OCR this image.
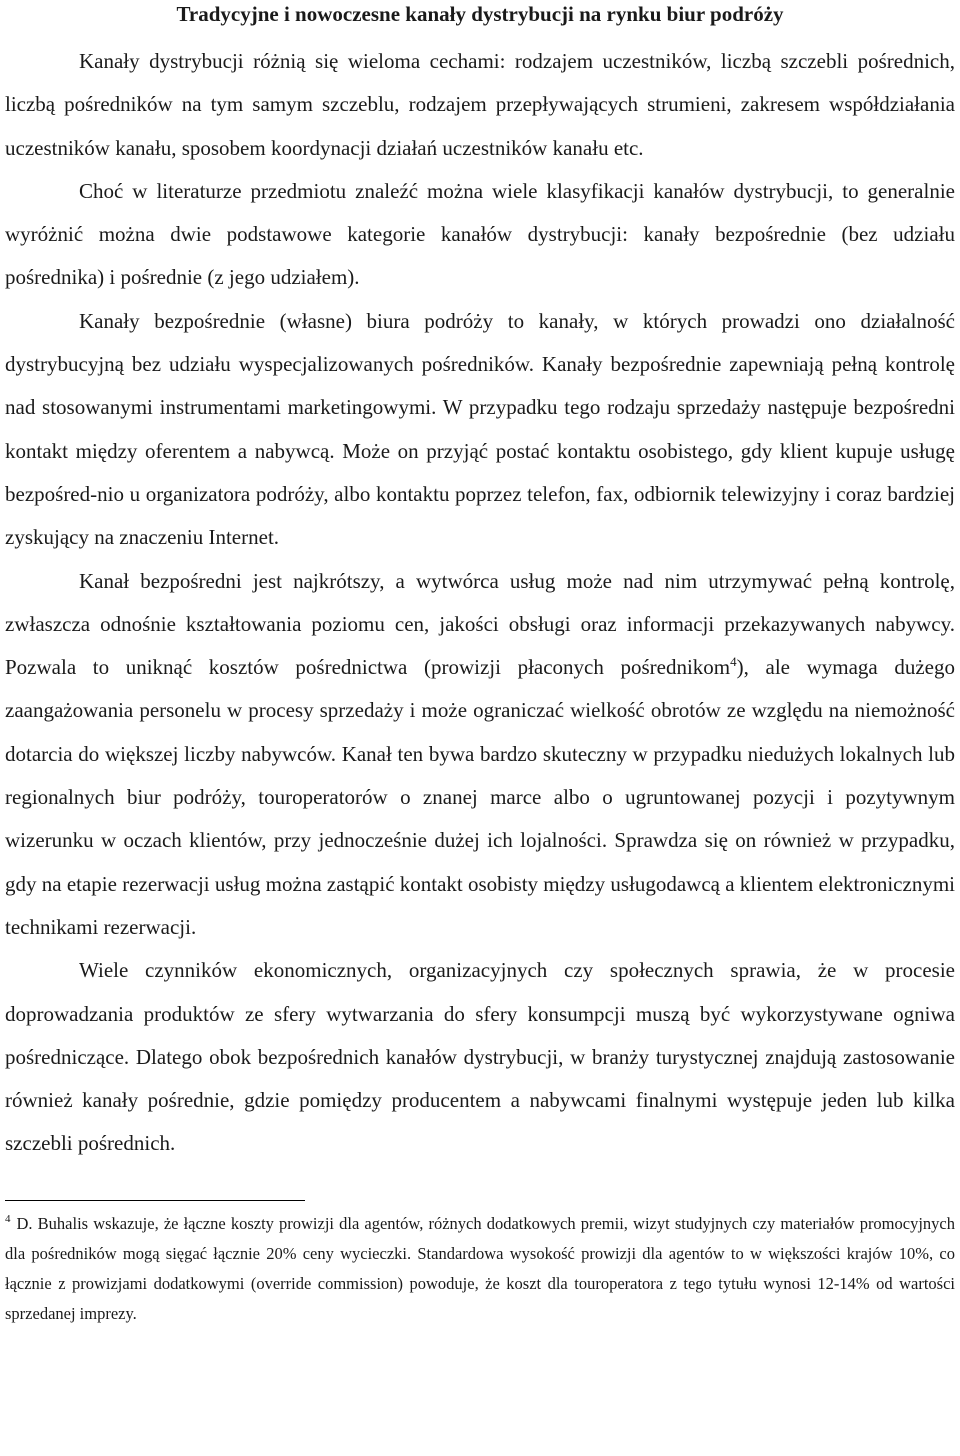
Tradycyjne i nowoczesne kanały dystrybucji na rynku biur podróży

Kanały dystrybucji różnią się wieloma cechami: rodzajem uczestników, liczbą szczebli pośrednich, liczbą pośredników na tym samym szczeblu, rodzajem przepływających strumieni, zakresem współdziałania uczestników kanału, sposobem koordynacji działań uczestników kanału etc.

Choć w literaturze przedmiotu znaleźć można wiele klasyfikacji kanałów dystrybucji, to generalnie wyróżnić można dwie podstawowe kategorie kanałów dystrybucji: kanały bezpośrednie (bez udziału pośrednika) i pośrednie (z jego udziałem).

Kanały bezpośrednie (własne) biura podróży to kanały, w których prowadzi ono działalność dystrybucyjną bez udziału wyspecjalizowanych pośredników. Kanały bezpośrednie zapewniają pełną kontrolę nad stosowanymi instrumentami marketingowymi. W przypadku tego rodzaju sprzedaży następuje bezpośredni kontakt między oferentem a nabywcą. Może on przyjąć postać kontaktu osobistego, gdy klient kupuje usługę bezpośred-nio u organizatora podróży, albo kontaktu poprzez telefon, fax, odbiornik telewizyjny i coraz bardziej zyskujący na znaczeniu Internet.

Kanał bezpośredni jest najkrótszy, a wytwórca usług może nad nim utrzymywać pełną kontrolę, zwłaszcza odnośnie kształtowania poziomu cen, jakości obsługi oraz informacji przekazywanych nabywcy. Pozwala to uniknąć kosztów pośrednictwa (prowizji płaconych pośrednikom$^4$), ale wymaga dużego zaangażowania personelu w procesy sprzedaży i może ograniczać wielkość obrotów ze względu na niemożność dotarcia do większej liczby nabywców. Kanał ten bywa bardzo skuteczny w przypadku niedużych lokalnych lub regionalnych biur podróży, touroperatorów o znanej marce albo o ugruntowanej pozycji i pozytywnym wizerunku w oczach klientów, przy jednocześnie dużej ich lojalności. Sprawdza się on również w przypadku, gdy na etapie rezerwacji usług można zastąpić kontakt osobisty między usługodawcą a klientem elektronicznymi technikami rezerwacji.

Wiele czynników ekonomicznych, organizacyjnych czy społecznych sprawia, że w procesie doprowadzania produktów ze sfery wytwarzania do sfery konsumpcji muszą być wykorzystywane ogniwa pośredniczące. Dlatego obok bezpośrednich kanałów dystrybucji, w branży turystycznej znajdują zastosowanie również kanały pośrednie, gdzie pomiędzy producentem a nabywcami finalnymi występuje jeden lub kilka szczebli pośrednich.

$^4$ D. Buhalis wskazuje, że łączne koszty prowizji dla agentów, różnych dodatkowych premii, wizyt studyjnych czy materiałów promocyjnych dla pośredników mogą sięgać łącznie 20% ceny wycieczki. Standardowa wysokość prowizji dla agentów to w większości krajów 10%, co łącznie z prowizjami dodatkowymi (override commission) powoduje, że koszt dla touroperatora z tego tytułu wynosi 12-14% od wartości sprzedanej imprezy.
